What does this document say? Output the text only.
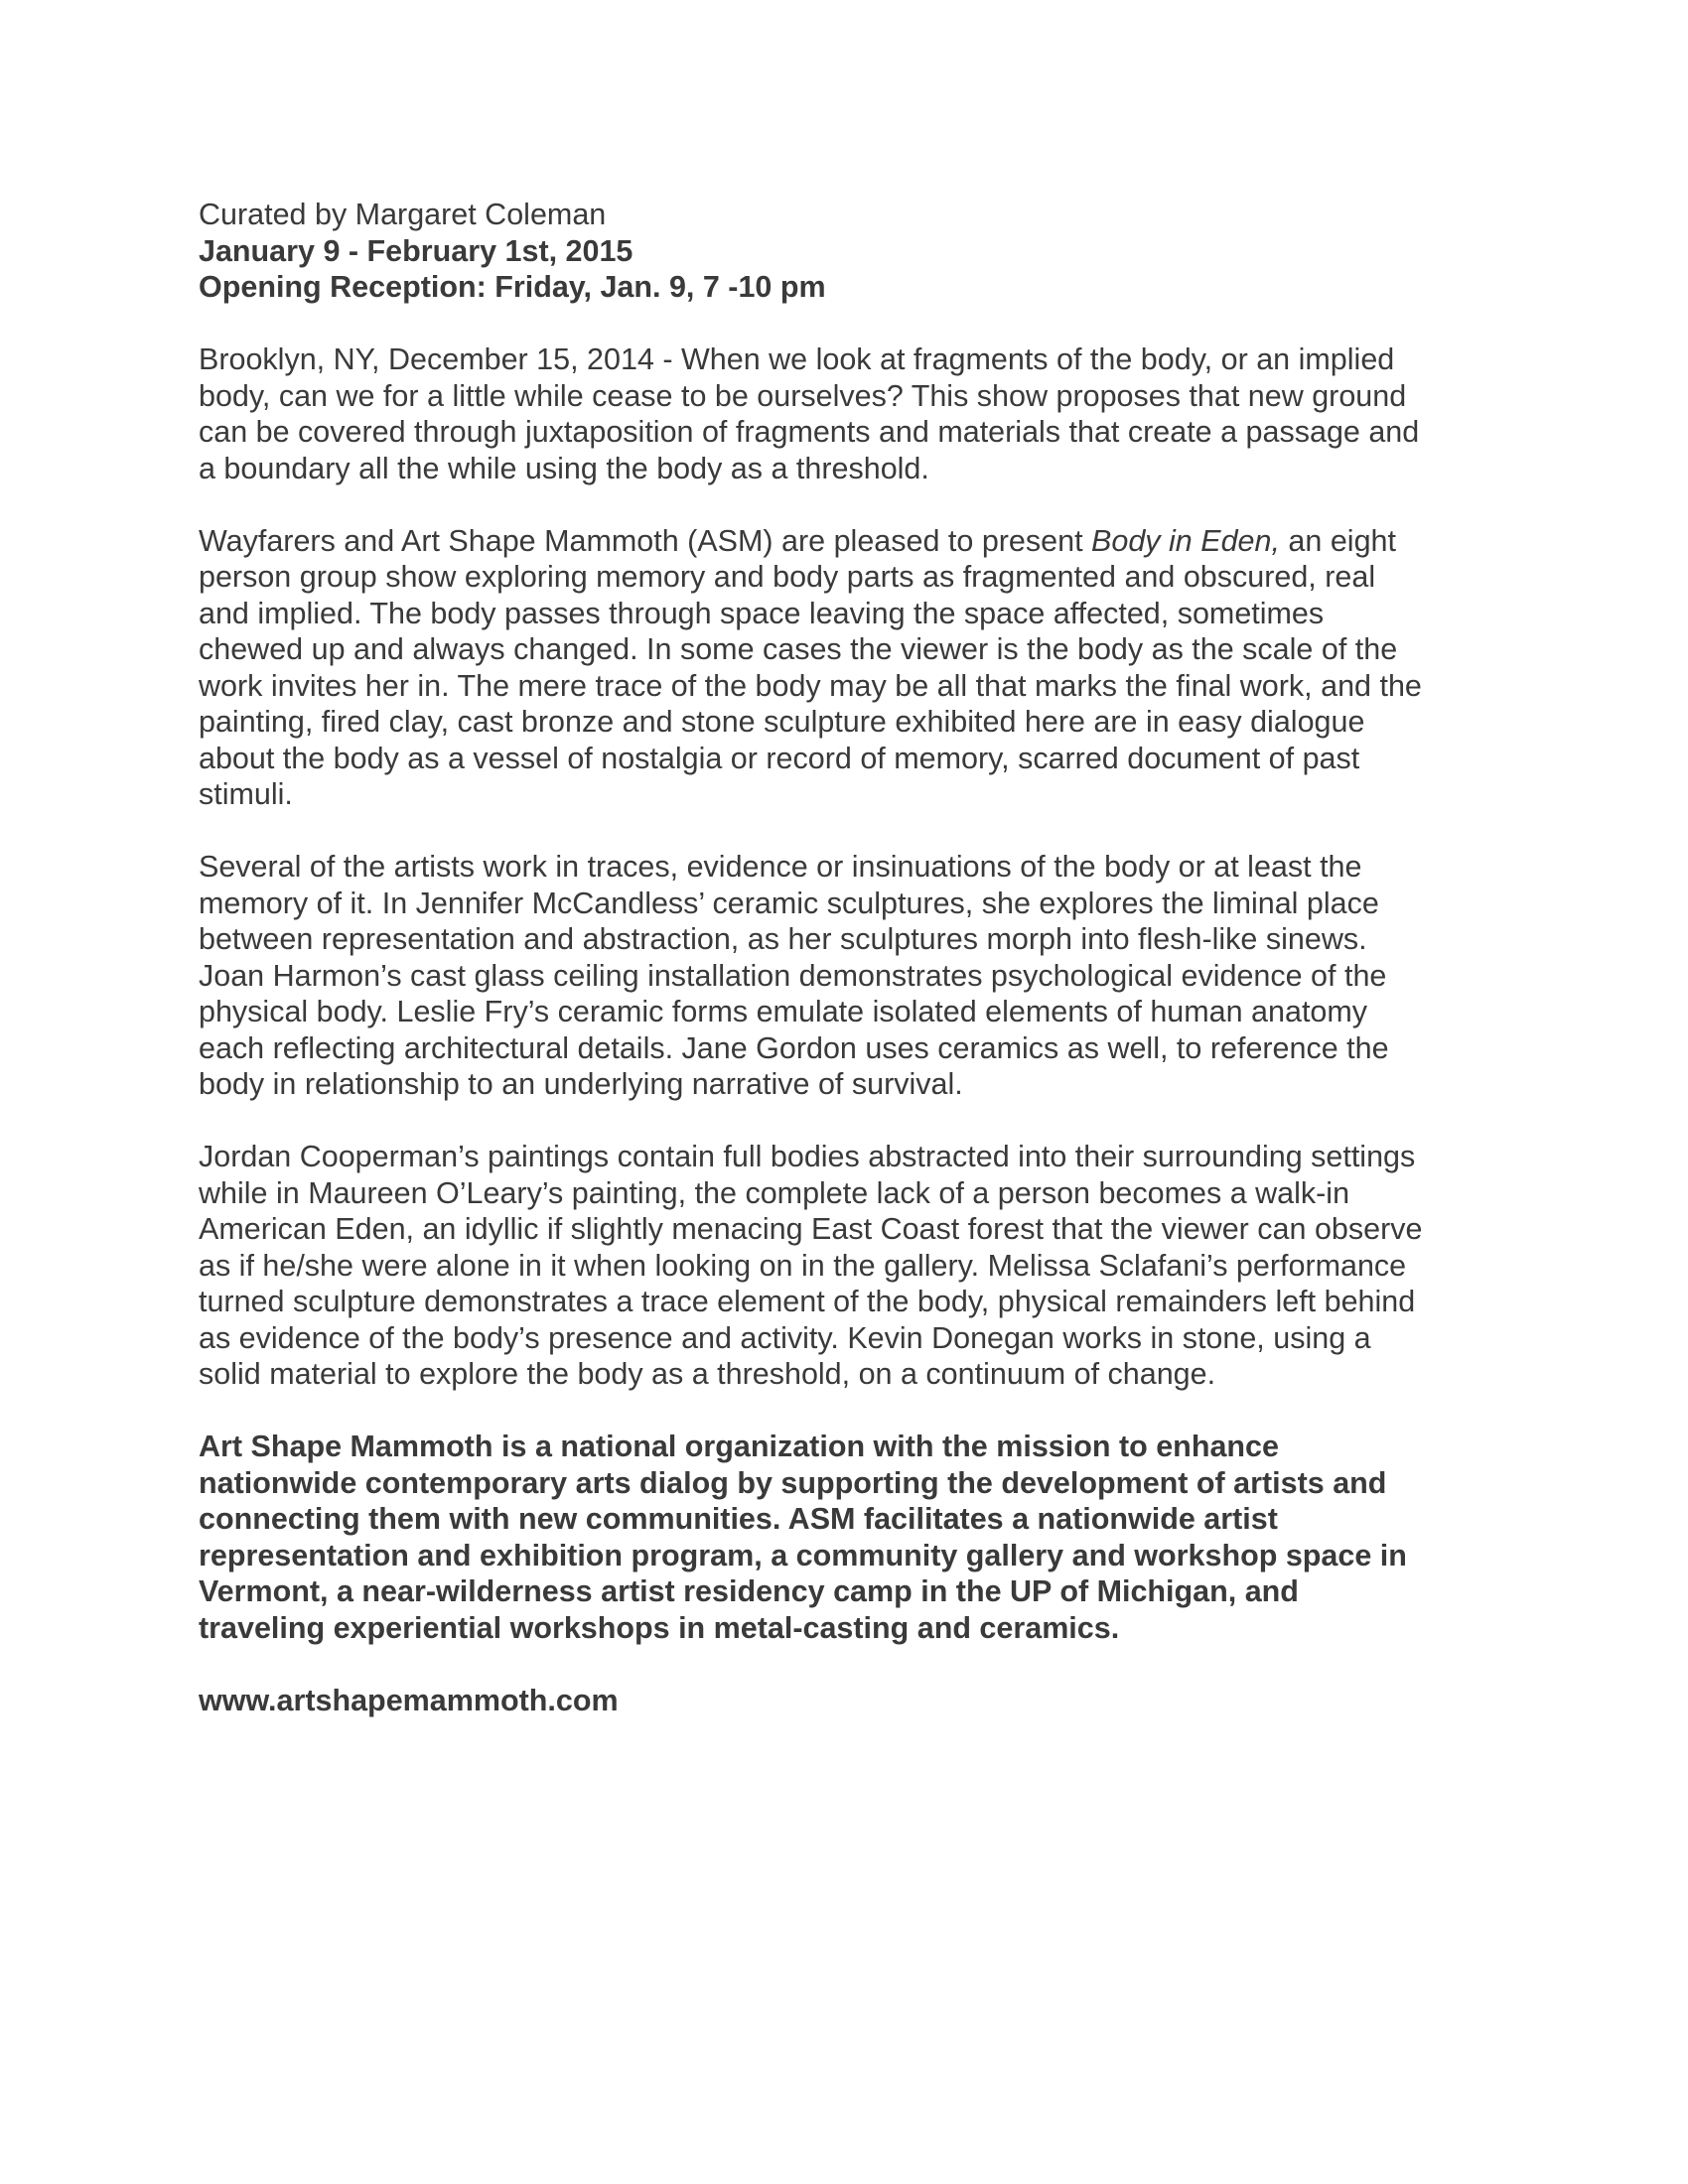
Curated by Margaret Coleman
January 9 - February 1st, 2015
Opening Reception: Friday, Jan. 9, 7 -10 pm
Brooklyn, NY, December 15, 2014 - When we look at fragments of the body, or an implied
body, can we for a little while cease to be ourselves? This show proposes that new ground
can be covered through juxtaposition of fragments and materials that create a passage and
a boundary all the while using the body as a threshold.
Wayfarers and Art Shape Mammoth (ASM) are pleased to present Body in Eden, an eight
person group show exploring memory and body parts as fragmented and obscured, real
and implied. The body passes through space leaving the space affected, sometimes
chewed up and always changed. In some cases the viewer is the body as the scale of the
work invites her in. The mere trace of the body may be all that marks the final work, and the
painting, fired clay, cast bronze and stone sculpture exhibited here are in easy dialogue
about the body as a vessel of nostalgia or record of memory, scarred document of past
stimuli.
Several of the artists work in traces, evidence or insinuations of the body or at least the
memory of it. In Jennifer McCandless’ ceramic sculptures, she explores the liminal place
between representation and abstraction, as her sculptures morph into flesh-like sinews.
Joan Harmon’s cast glass ceiling installation demonstrates psychological evidence of the
physical body. Leslie Fry’s ceramic forms emulate isolated elements of human anatomy
each reflecting architectural details. Jane Gordon uses ceramics as well, to reference the
body in relationship to an underlying narrative of survival.
Jordan Cooperman’s paintings contain full bodies abstracted into their surrounding settings
while in Maureen O’Leary’s painting, the complete lack of a person becomes a walk-in
American Eden, an idyllic if slightly menacing East Coast forest that the viewer can observe
as if he/she were alone in it when looking on in the gallery. Melissa Sclafani’s performance
turned sculpture demonstrates a trace element of the body, physical remainders left behind
as evidence of the body’s presence and activity. Kevin Donegan works in stone, using a
solid material to explore the body as a threshold, on a continuum of change.
Art Shape Mammoth is a national organization with the mission to enhance
nationwide contemporary arts dialog by supporting the development of artists and
connecting them with new communities. ASM facilitates a nationwide artist
representation and exhibition program, a community gallery and workshop space in
Vermont, a near-wilderness artist residency camp in the UP of Michigan, and
traveling experiential workshops in metal-casting and ceramics.
www.artshapemammoth.com
